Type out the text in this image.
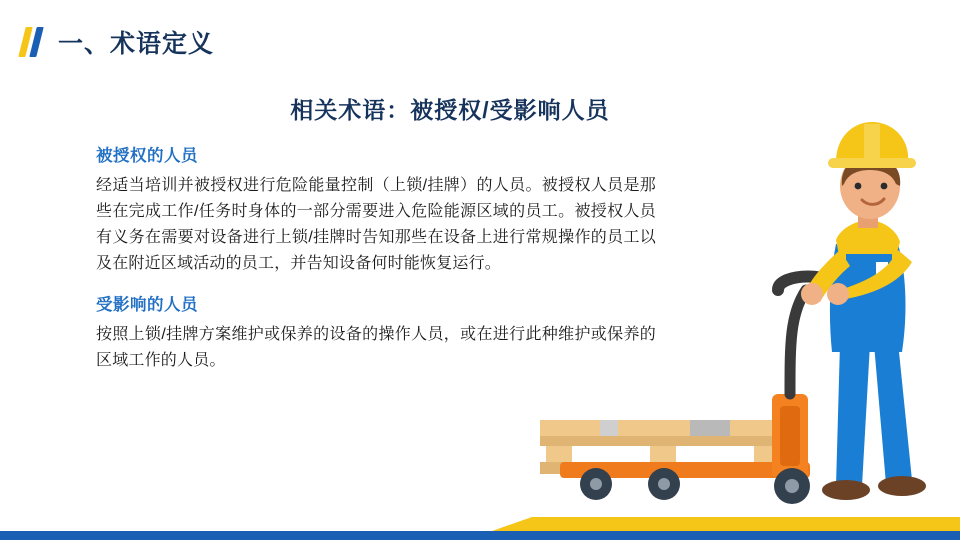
一、术语定义
相关术语：被授权/受影响人员
被授权的人员
经适当培训并被授权进行危险能量控制（上锁/挂牌）的人员。被授权人员是那些在完成工作/任务时身体的一部分需要进入危险能源区域的员工。被授权人员有义务在需要对设备进行上锁/挂牌时告知那些在设备上进行常规操作的员工以及在附近区域活动的员工，并告知设备何时能恢复运行。
受影响的人员
按照上锁/挂牌方案维护或保养的设备的操作人员，或在进行此种维护或保养的区域工作的人员。
